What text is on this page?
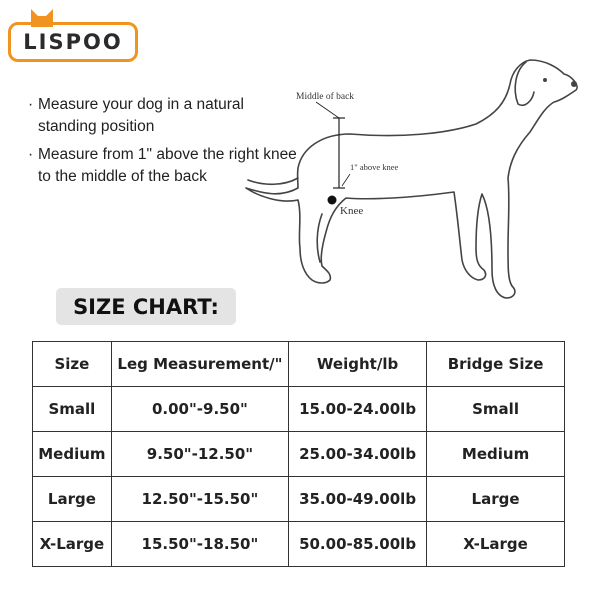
LISPOO
· Measure your dog in a natural standing position
· Measure from 1" above the right knee to the middle of the back
Middle of back
1" above knee
Knee
SIZE CHART:
Size	Leg Measurement/"	Weight/lb	Bridge Size
Small	0.00"-9.50"	15.00-24.00lb	Small
Medium	9.50"-12.50"	25.00-34.00lb	Medium
Large	12.50"-15.50"	35.00-49.00lb	Large
X-Large	15.50"-18.50"	50.00-85.00lb	X-Large
